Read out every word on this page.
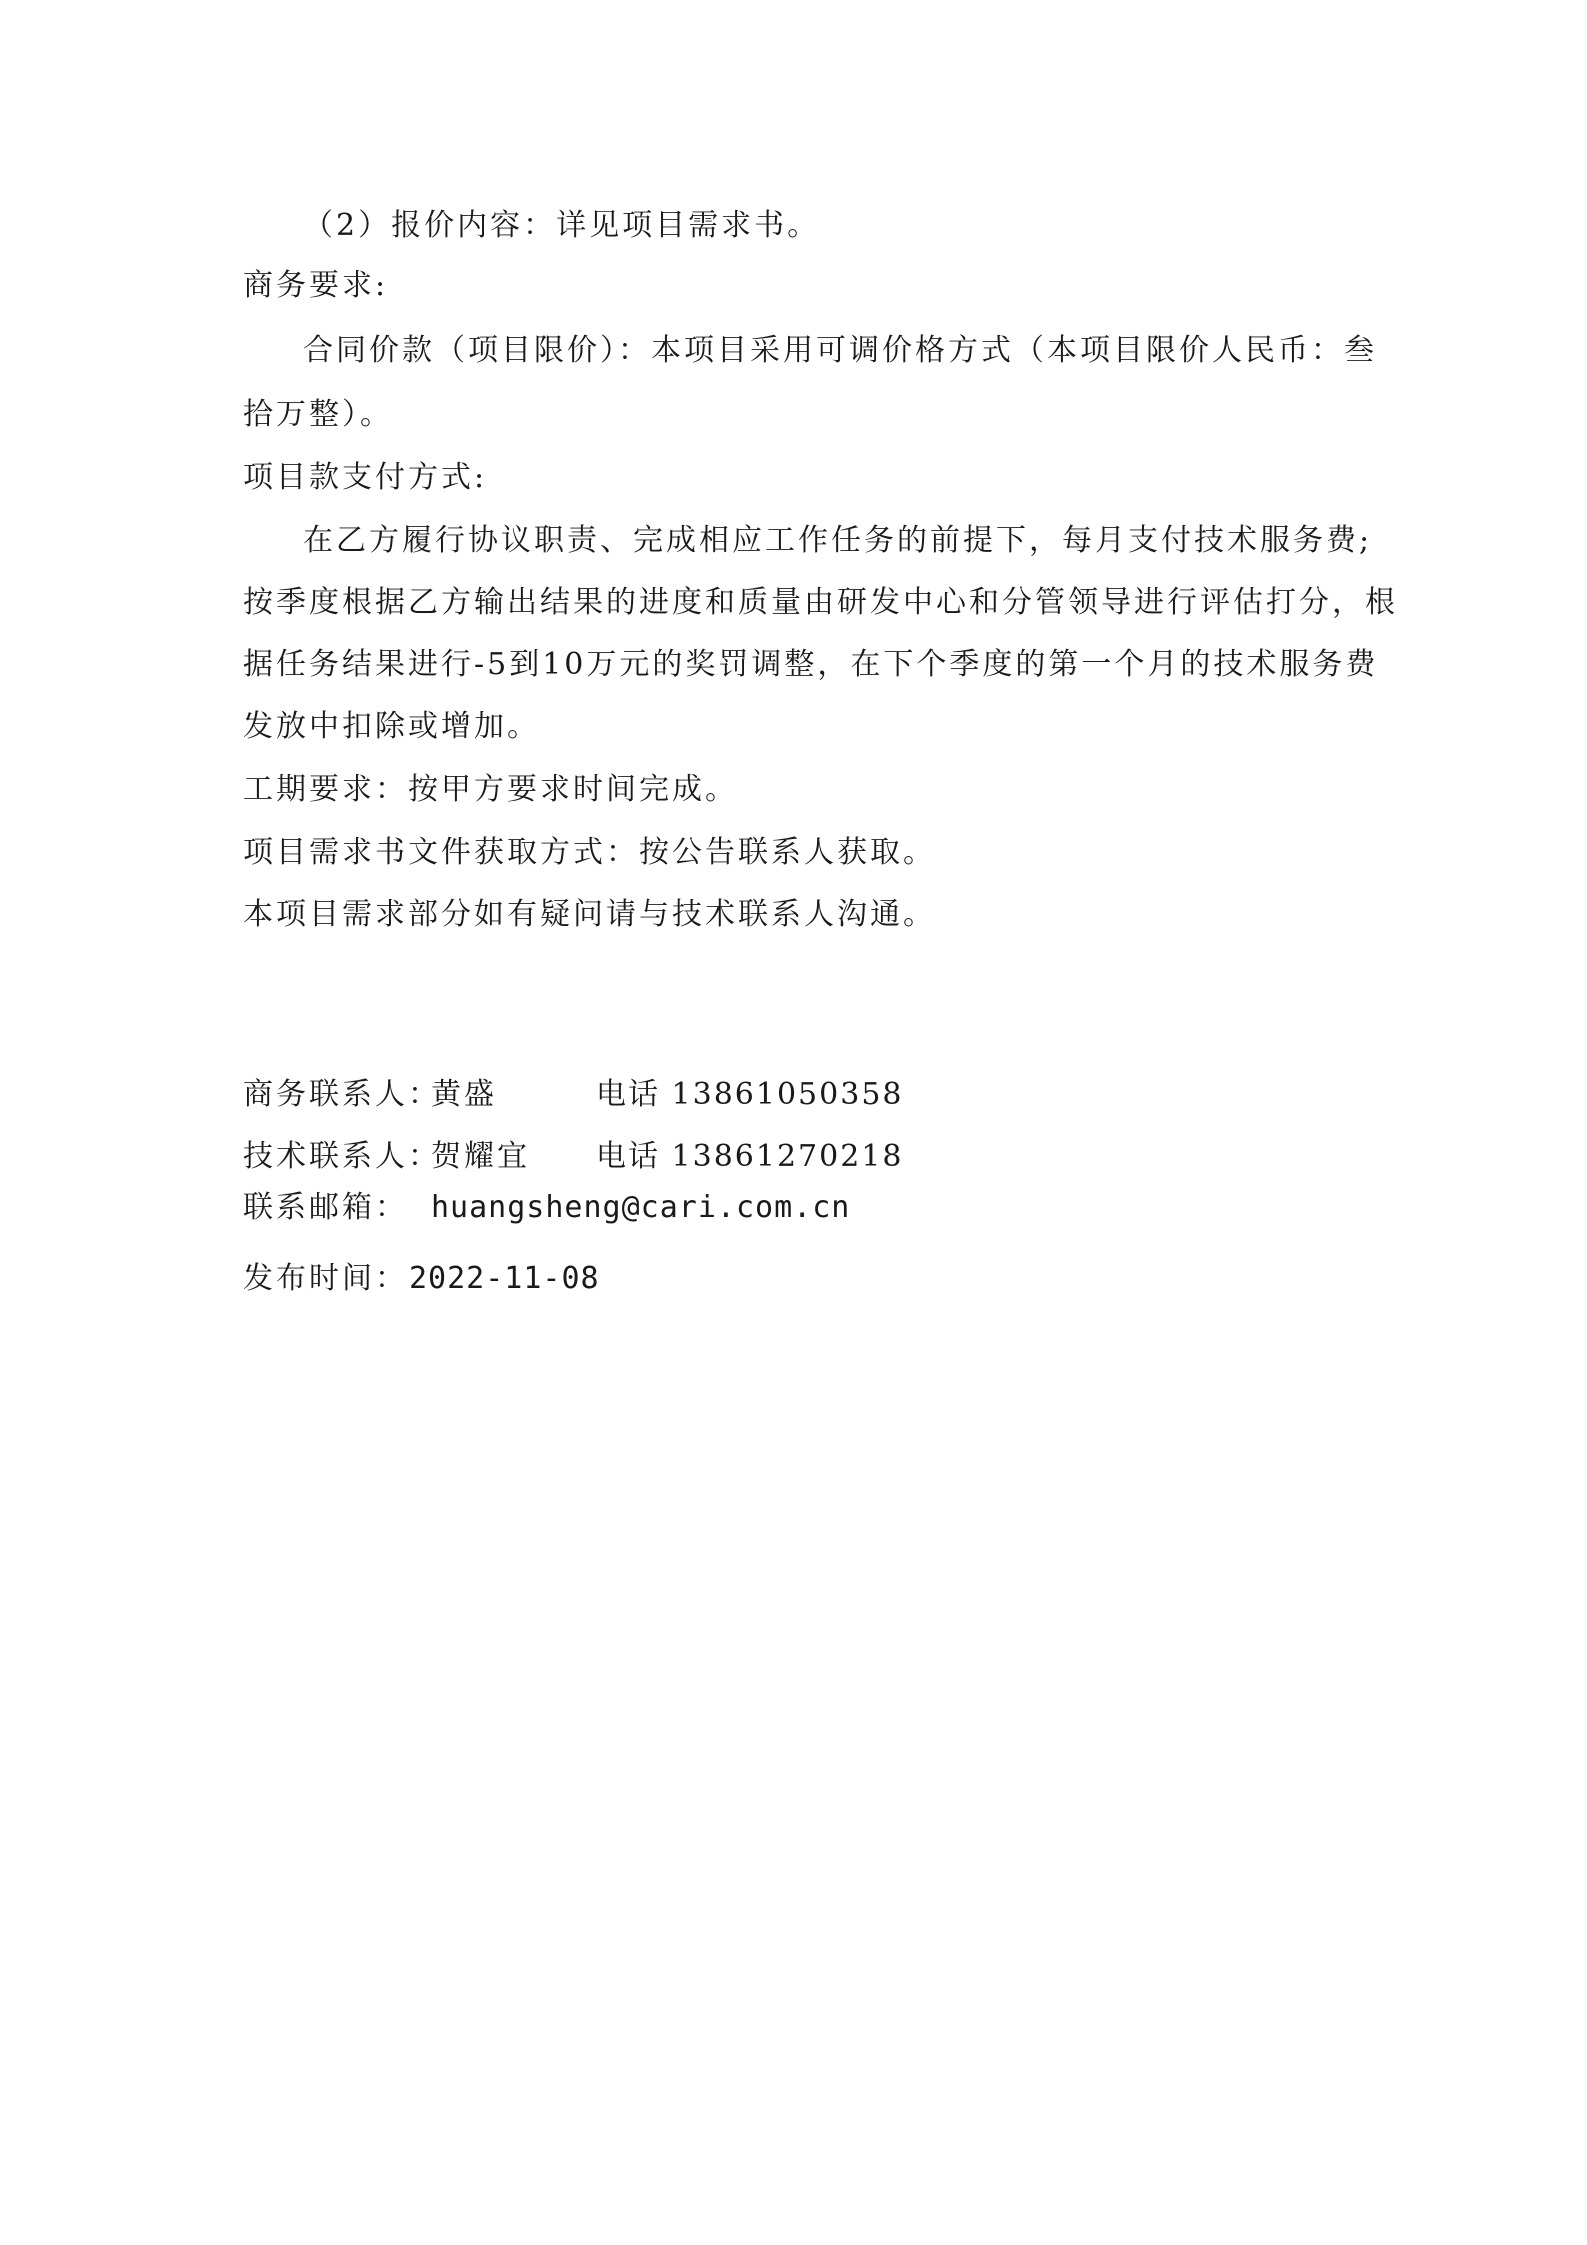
（2）报价内容：详见项目需求书。
商务要求:
合同价款（项目限价）：本项目采用可调价格方式（本项目限价人民币：叁
拾万整）。
项目款支付方式:
在乙方履行协议职责、完成相应工作任务的前提下，每月支付技术服务费;
按季度根据乙方输出结果的进度和质量由研发中心和分管领导进行评估打分，根
据任务结果进行-5到10万元的奖罚调整，在下个季度的第一个月的技术服务费
发放中扣除或增加。
工期要求：按甲方要求时间完成。
项目需求书文件获取方式：按公告联系人获取。
本项目需求部分如有疑问请与技术联系人沟通。
商务联系人：
黄盛	电话 13861050358
技术联系人：
贺耀宜 电话 13861270218
联系邮箱： huangsheng@cari.com.cn
发布时间： 2022-11-08
